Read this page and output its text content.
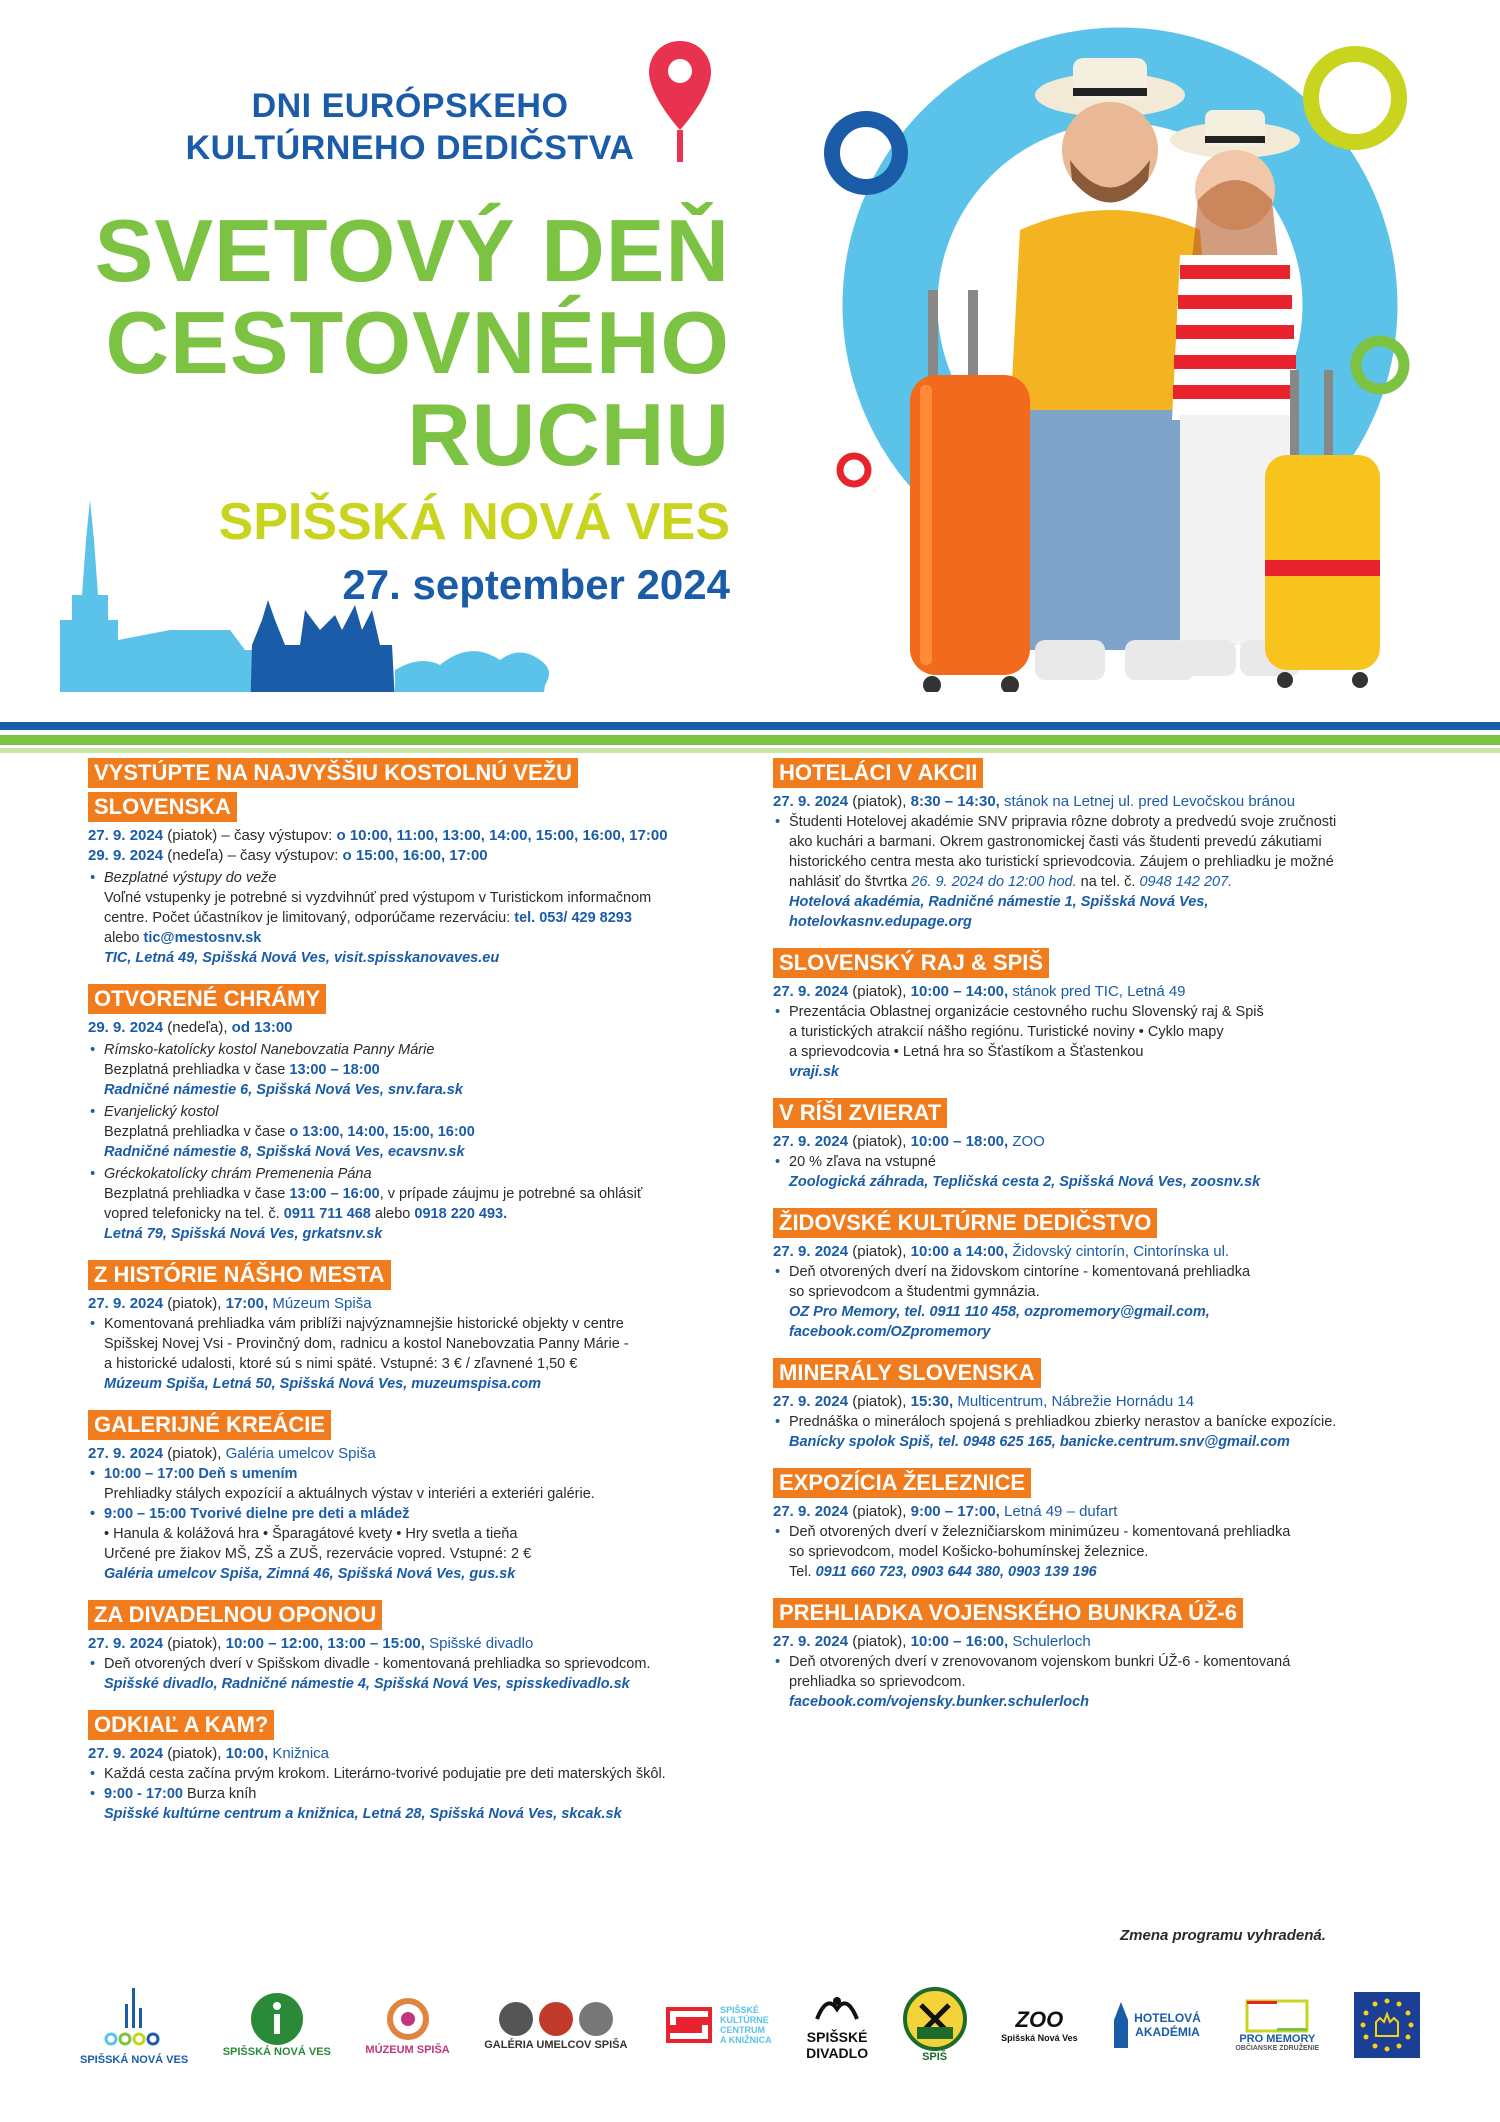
DNI EURÓPSKEHO
KULTÚRNEHO DEDIČSTVA
SVETOVÝ DEŇ
CESTOVNÉHO
RUCHU
SPIŠSKÁ NOVÁ VES
27. september 2024
VYSTÚPTE NA NAJVYŠŠIU KOSTOLNÚ VEŽU
SLOVENSKA
27. 9. 2024 (piatok) – časy výstupov: o 10:00, 11:00, 13:00, 14:00, 15:00, 16:00, 17:00
29. 9. 2024 (nedeľa) – časy výstupov: o 15:00, 16:00, 17:00
• Bezplatné výstupy do veže
Voľné vstupenky je potrebné si vyzdvihnúť pred výstupom v Turistickom informačnom
centre. Počet účastníkov je limitovaný, odporúčame rezerváciu: tel. 053/ 429 8293
alebo tic@mestosnv.sk
TIC, Letná 49, Spišská Nová Ves, visit.spisskanovaves.eu
OTVORENÉ CHRÁMY
29. 9. 2024 (nedeľa), od 13:00
• Rímsko-katolícky kostol Nanebovzatia Panny Márie
Bezplatná prehliadka v čase 13:00 – 18:00
Radničné námestie 6, Spišská Nová Ves, snv.fara.sk
• Evanjelický kostol
Bezplatná prehliadka v čase o 13:00, 14:00, 15:00, 16:00
Radničné námestie 8, Spišská Nová Ves, ecavsnv.sk
• Gréckokatolícky chrám Premenenia Pána
Bezplatná prehliadka v čase 13:00 – 16:00, v prípade záujmu je potrebné sa ohlásiť
vopred telefonicky na tel. č. 0911 711 468 alebo 0918 220 493.
Letná 79, Spišská Nová Ves, grkatsnv.sk
Z HISTÓRIE NÁŠHO MESTA
27. 9. 2024 (piatok), 17:00, Múzeum Spiša
• Komentovaná prehliadka vám priblíži najvýznamnejšie historické objekty v centre
Spišskej Novej Vsi - Provinčný dom, radnicu a kostol Nanebovzatia Panny Márie -
a historické udalosti, ktoré sú s nimi späté. Vstupné: 3 € / zľavnené 1,50 €
Múzeum Spiša, Letná 50, Spišská Nová Ves, muzeumspisa.com
GALERIJNÉ KREÁCIE
27. 9. 2024 (piatok), Galéria umelcov Spiša
• 10:00 – 17:00 Deň s umením
Prehliadky stálych expozícií a aktuálnych výstav v interiéri a exteriéri galérie.
• 9:00 – 15:00 Tvorivé dielne pre deti a mládež
• Hanula & kolážová hra • Šparagátové kvety • Hry svetla a tieňa
Určené pre žiakov MŠ, ZŠ a ZUŠ, rezervácie vopred. Vstupné: 2 €
Galéria umelcov Spiša, Zimná 46, Spišská Nová Ves, gus.sk
ZA DIVADELNOU OPONOU
27. 9. 2024 (piatok), 10:00 – 12:00, 13:00 – 15:00, Spišské divadlo
• Deň otvorených dverí v Spišskom divadle - komentovaná prehliadka so sprievodcom.
Spišské divadlo, Radničné námestie 4, Spišská Nová Ves, spisskedivadlo.sk
ODKIAĽ A KAM?
27. 9. 2024 (piatok), 10:00, Knižnica
• Každá cesta začína prvým krokom. Literárno-tvorivé podujatie pre deti materských škôl.
• 9:00 - 17:00 Burza kníh
Spišské kultúrne centrum a knižnica, Letná 28, Spišská Nová Ves, skcak.sk
HOTELÁCI V AKCII
27. 9. 2024 (piatok), 8:30 – 14:30, stánok na Letnej ul. pred Levočskou bránou
• Študenti Hotelovej akadémie SNV pripravia rôzne dobroty a predvedú svoje zručnosti
ako kuchári a barmani. Okrem gastronomickej časti vás študenti prevedú zákutiami
historického centra mesta ako turistickí sprievodcovia. Záujem o prehliadku je možné
nahlásiť do štvrtka 26. 9. 2024 do 12:00 hod. na tel. č. 0948 142 207.
Hotelová akadémia, Radničné námestie 1, Spišská Nová Ves,
hotelovkasnv.edupage.org
SLOVENSKÝ RAJ & SPIŠ
27. 9. 2024 (piatok), 10:00 – 14:00, stánok pred TIC, Letná 49
• Prezentácia Oblastnej organizácie cestovného ruchu Slovenský raj & Spiš
a turistických atrakcií nášho regiónu. Turistické noviny • Cyklo mapy
a sprievodcovia • Letná hra so Šťastíkom a Šťastenkou
vraji.sk
V RÍŠI ZVIERAT
27. 9. 2024 (piatok), 10:00 – 18:00, ZOO
• 20 % zľava na vstupné
Zoologická záhrada, Tepličská cesta 2, Spišská Nová Ves, zoosnv.sk
ŽIDOVSKÉ KULTÚRNE DEDIČSTVO
27. 9. 2024 (piatok), 10:00 a 14:00, Židovský cintorín, Cintorínska ul.
• Deň otvorených dverí na židovskom cintoríne - komentovaná prehliadka
so sprievodcom a študentmi gymnázia.
OZ Pro Memory, tel. 0911 110 458, ozpromemory@gmail.com,
facebook.com/OZpromemory
MINERÁLY SLOVENSKA
27. 9. 2024 (piatok), 15:30, Multicentrum, Nábrežie Hornádu 14
• Prednáška o mineráloch spojená s prehliadkou zbierky nerastov a banícke expozície.
Banícky spolok Spiš, tel. 0948 625 165, banicke.centrum.snv@gmail.com
EXPOZÍCIA ŽELEZNICE
27. 9. 2024 (piatok), 9:00 – 17:00, Letná 49 – dufart
• Deň otvorených dverí v železničiarskom minimúzeu - komentovaná prehliadka
so sprievodcom, model Košicko-bohumínskej železnice.
Tel. 0911 660 723, 0903 644 380, 0903 139 196
PREHLIADKA VOJENSKÉHO BUNKRA ÚŽ-6
27. 9. 2024 (piatok), 10:00 – 16:00, Schulerloch
• Deň otvorených dverí v zrenovovanom vojenskom bunkri ÚŽ-6 - komentovaná
prehliadka so sprievodcom.
facebook.com/vojensky.bunker.schulerloch
Zmena programu vyhradená.
SPIŠSKÁ NOVÁ VES
SPIŠSKÁ NOVÁ VES	MÚZEUM SPIŠA	GALÉRIA UMELCOV SPIŠA
SPIŠSKÉ
KULTÚRNE
CENTRUM
A KNIŽNICA	SPIŠSKÉ
DIVADLO	SPIŠ
ZOO
Spišská Nová Ves
HOTELOVÁ
AKADÉMIA	PRO MEMORY
OBČIANSKE ZDRUŽENIE
